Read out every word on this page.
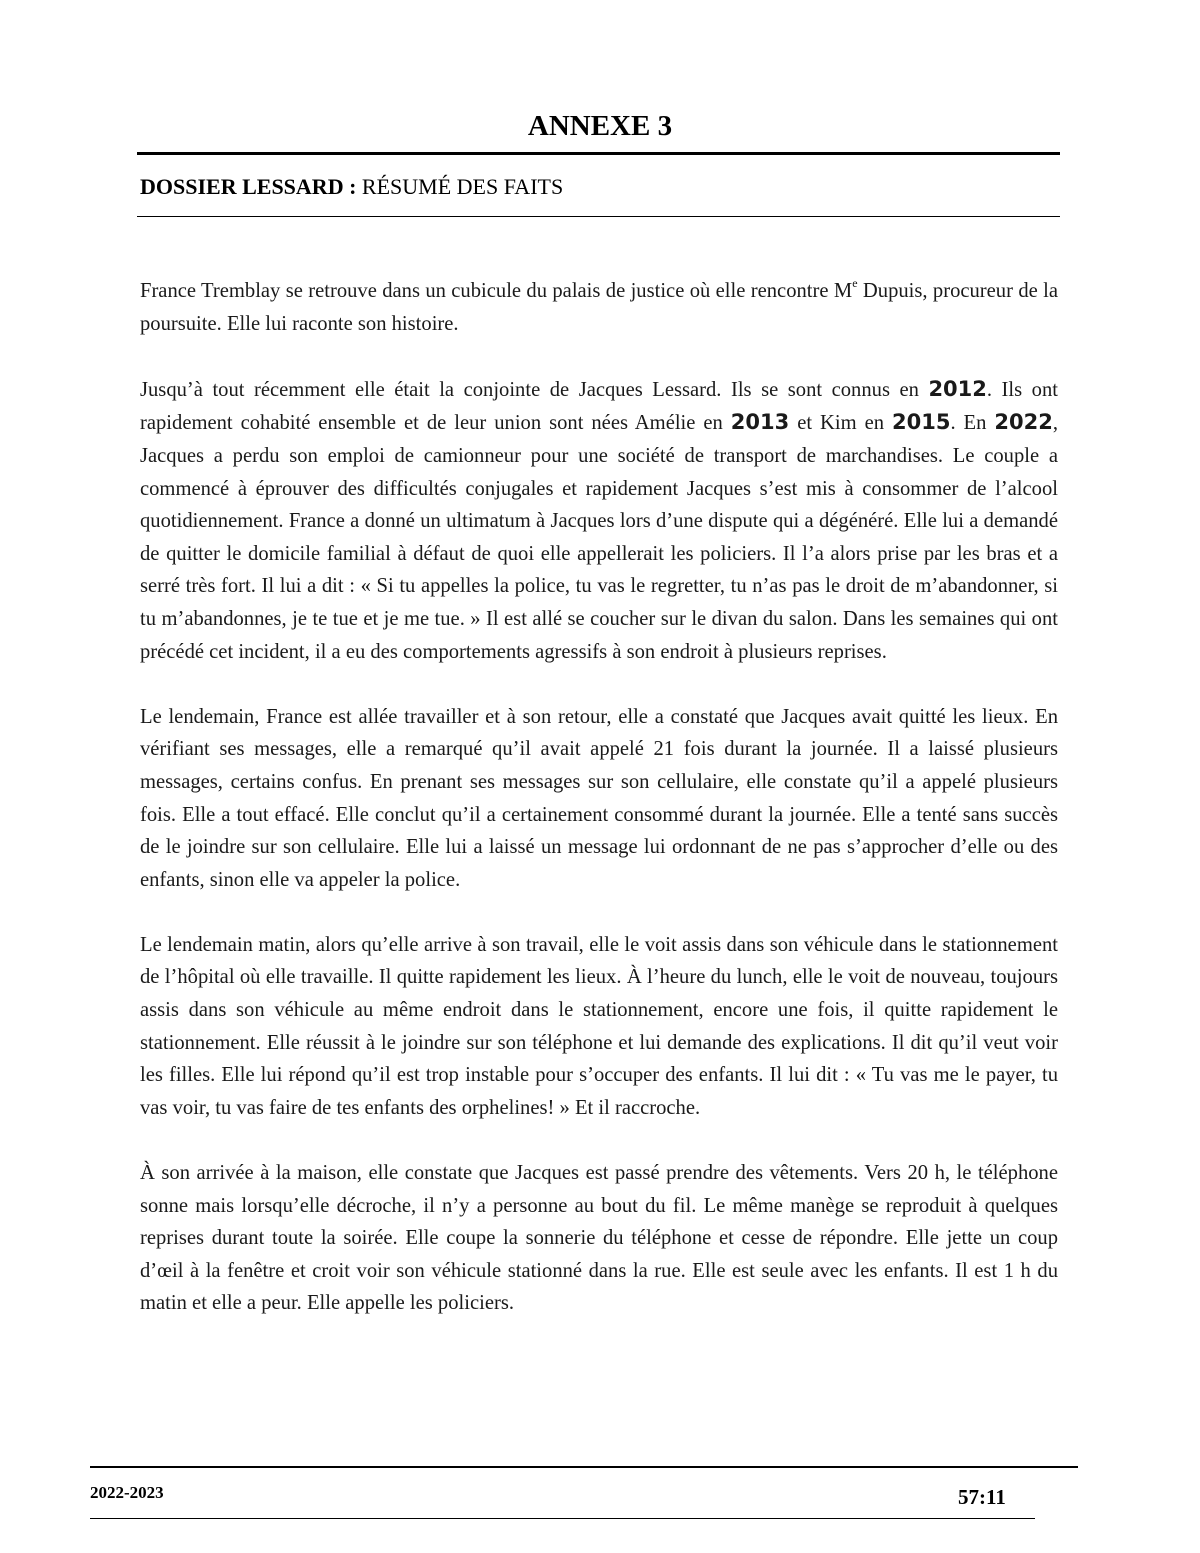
ANNEXE 3
DOSSIER LESSARD : RÉSUMÉ DES FAITS

France Tremblay se retrouve dans un cubicule du palais de justice où elle rencontre Me Dupuis, procureur de la poursuite. Elle lui raconte son histoire.

Jusqu’à tout récemment elle était la conjointe de Jacques Lessard. Ils se sont connus en 2012. Ils ont rapidement cohabité ensemble et de leur union sont nées Amélie en 2013 et Kim en 2015. En 2022, Jacques a perdu son emploi de camionneur pour une société de transport de marchandises. Le couple a commencé à éprouver des difficultés conjugales et rapidement Jacques s’est mis à consommer de l’alcool quotidiennement. France a donné un ultimatum à Jacques lors d’une dispute qui a dégénéré. Elle lui a demandé de quitter le domicile familial à défaut de quoi elle appellerait les policiers. Il l’a alors prise par les bras et a serré très fort. Il lui a dit : « Si tu appelles la police, tu vas le regretter, tu n’as pas le droit de m’abandonner, si tu m’abandonnes, je te tue et je me tue. » Il est allé se coucher sur le divan du salon. Dans les semaines qui ont précédé cet incident, il a eu des comportements agressifs à son endroit à plusieurs reprises.

Le lendemain, France est allée travailler et à son retour, elle a constaté que Jacques avait quitté les lieux. En vérifiant ses messages, elle a remarqué qu’il avait appelé 21 fois durant la journée. Il a laissé plusieurs messages, certains confus. En prenant ses messages sur son cellulaire, elle constate qu’il a appelé plusieurs fois. Elle a tout effacé. Elle conclut qu’il a certainement consommé durant la journée. Elle a tenté sans succès de le joindre sur son cellulaire. Elle lui a laissé un message lui ordonnant de ne pas s’approcher d’elle ou des enfants, sinon elle va appeler la police.

Le lendemain matin, alors qu’elle arrive à son travail, elle le voit assis dans son véhicule dans le stationnement de l’hôpital où elle travaille. Il quitte rapidement les lieux. À l’heure du lunch, elle le voit de nouveau, toujours assis dans son véhicule au même endroit dans le stationnement, encore une fois, il quitte rapidement le stationnement. Elle réussit à le joindre sur son téléphone et lui demande des explications. Il dit qu’il veut voir les filles. Elle lui répond qu’il est trop instable pour s’occuper des enfants. Il lui dit : « Tu vas me le payer, tu vas voir, tu vas faire de tes enfants des orphelines! » Et il raccroche.

À son arrivée à la maison, elle constate que Jacques est passé prendre des vêtements. Vers 20 h, le téléphone sonne mais lorsqu’elle décroche, il n’y a personne au bout du fil. Le même manège se reproduit à quelques reprises durant toute la soirée. Elle coupe la sonnerie du téléphone et cesse de répondre. Elle jette un coup d’œil à la fenêtre et croit voir son véhicule stationné dans la rue. Elle est seule avec les enfants. Il est 1 h du matin et elle a peur. Elle appelle les policiers.

2022-2023	57:11
